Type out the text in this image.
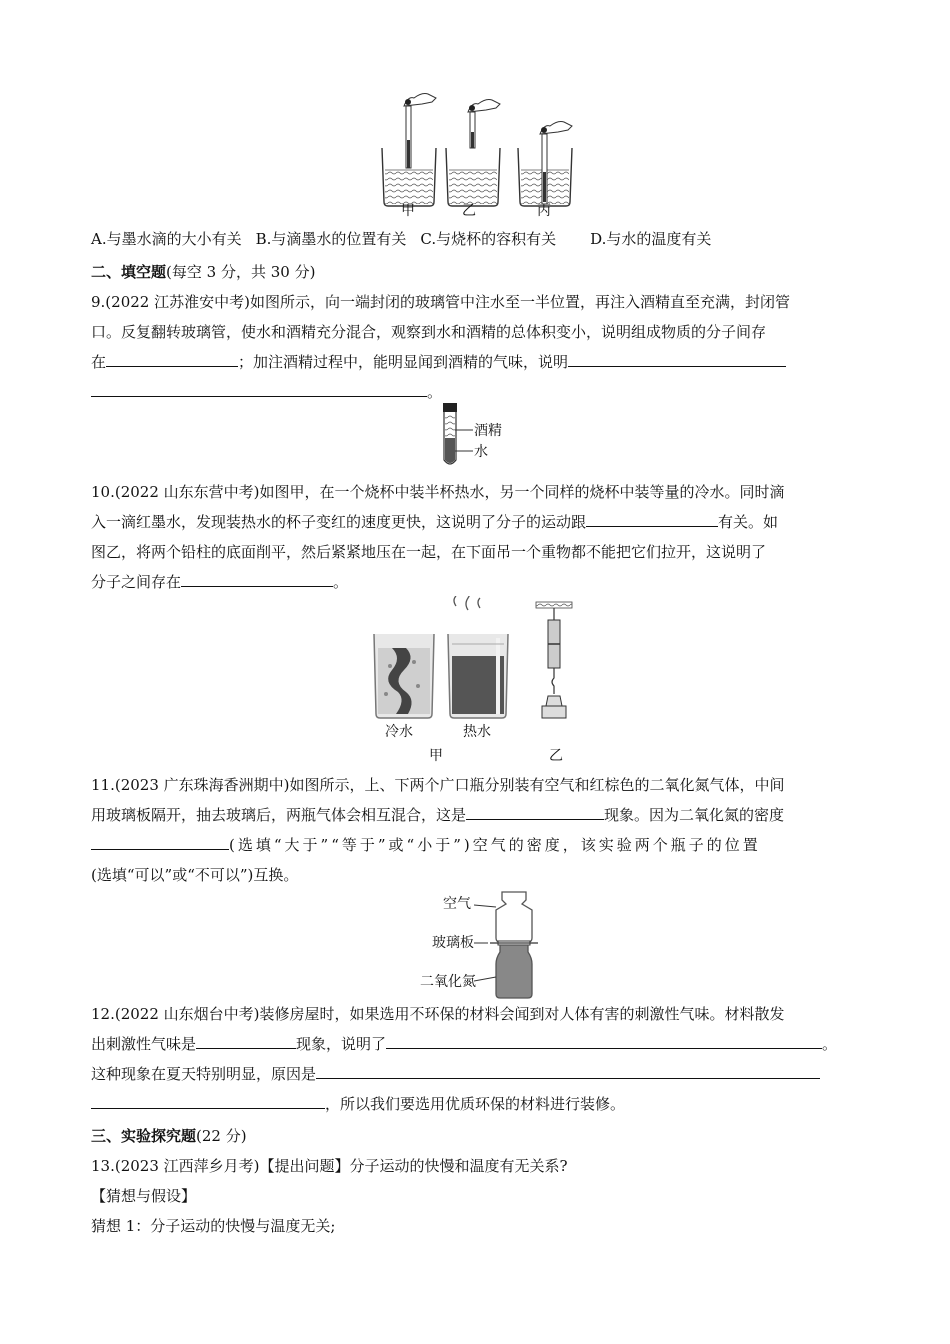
甲	乙	丙
A.与墨水滴的大小有关 B.与滴墨水的位置有关 C.与烧杯的容积有关 D.与水的温度有关
二、填空题(每空 3 分，共 30 分)
9.(2022 江苏淮安中考)如图所示，向一端封闭的玻璃管中注水至一半位置，再注入酒精直至充满，封闭管
口。反复翻转玻璃管，使水和酒精充分混合，观察到水和酒精的总体积变小，说明组成物质的分子间存
在	；加注酒精过程中，能明显闻到酒精的气味，说明
。
酒精
水
10.(2022 山东东营中考)如图甲，在一个烧杯中装半杯热水，另一个同样的烧杯中装等量的冷水。同时滴
入一滴红墨水，发现装热水的杯子变红的速度更快，这说明了分子的运动跟	有关。如
图乙，将两个铅柱的底面削平，然后紧紧地压在一起，在下面吊一个重物都不能把它们拉开，这说明了
分子之间存在	。
冷水	热水
甲	乙
11.(2023 广东珠海香洲期中)如图所示，上、下两个广口瓶分别装有空气和红棕色的二氧化氮气体，中间
用玻璃板隔开，抽去玻璃后，两瓶气体会相互混合，这是	现象。因为二氧化氮的密度
(选填“大于”“等于”或“小于”)空气的密度，该实验两个瓶子的位置
(选填“可以”或“不可以”)互换。
空气
玻璃板
二氧化氮
12.(2022 山东烟台中考)装修房屋时，如果选用不环保的材料会闻到对人体有害的刺激性气味。材料散发
出刺激性气味是	现象，说明了	。
这种现象在夏天特别明显，原因是
，所以我们要选用优质环保的材料进行装修。
三、实验探究题(22 分)
13.(2023 江西萍乡月考)【提出问题】分子运动的快慢和温度有无关系?
【猜想与假设】
猜想 1：分子运动的快慢与温度无关;
